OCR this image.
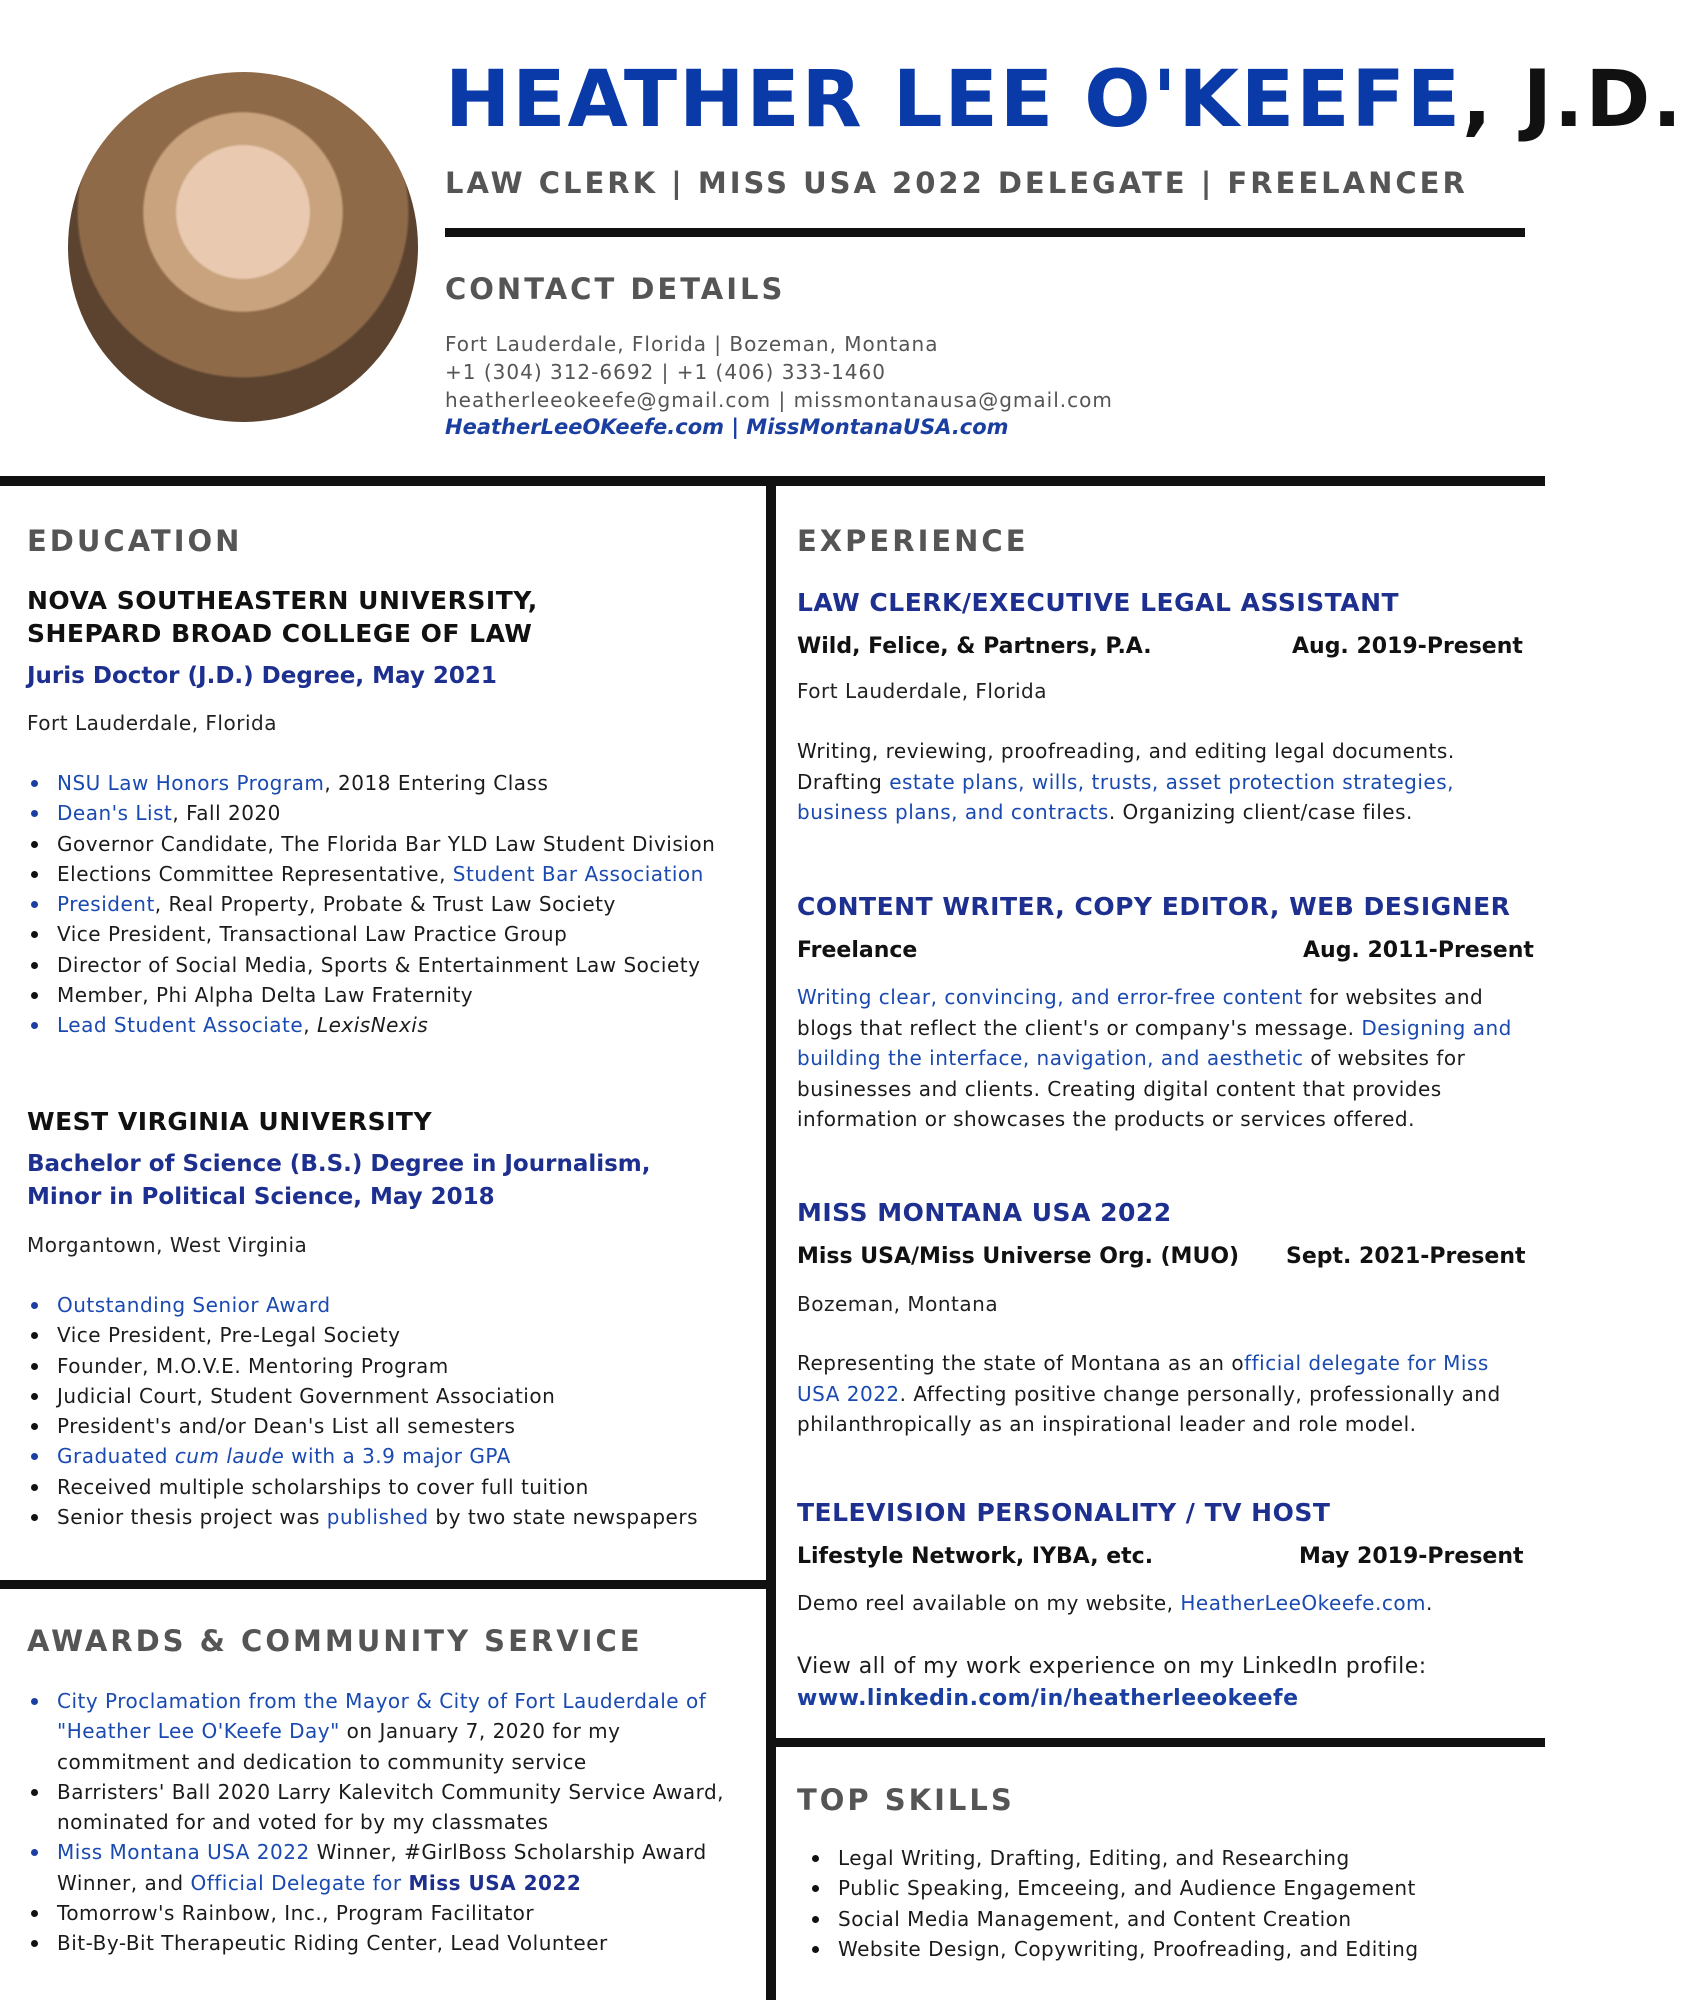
HEATHER LEE O'KEEFE, J.D.
LAW CLERK | MISS USA 2022 DELEGATE | FREELANCER
CONTACT DETAILS
Fort Lauderdale, Florida | Bozeman, Montana
+1 (304) 312-6692 | +1 (406) 333-1460
heatherleeokeefe@gmail.com | missmontanausa@gmail.com
HeatherLeeOKeefe.com | MissMontanaUSA.com
EDUCATION
NOVA SOUTHEASTERN UNIVERSITY,
SHEPARD BROAD COLLEGE OF LAW
Juris Doctor (J.D.) Degree, May 2021
Fort Lauderdale, Florida
NSU Law Honors Program, 2018 Entering Class
Dean's List, Fall 2020
Governor Candidate, The Florida Bar YLD Law Student Division
Elections Committee Representative, Student Bar Association
President, Real Property, Probate & Trust Law Society
Vice President, Transactional Law Practice Group
Director of Social Media, Sports & Entertainment Law Society
Member, Phi Alpha Delta Law Fraternity
Lead Student Associate, LexisNexis
WEST VIRGINIA UNIVERSITY
Bachelor of Science (B.S.) Degree in Journalism,
Minor in Political Science, May 2018
Morgantown, West Virginia
Outstanding Senior Award
Vice President, Pre-Legal Society
Founder, M.O.V.E. Mentoring Program
Judicial Court, Student Government Association
President's and/or Dean's List all semesters
Graduated cum laude with a 3.9 major GPA
Received multiple scholarships to cover full tuition
Senior thesis project was published by two state newspapers
AWARDS & COMMUNITY SERVICE
City Proclamation from the Mayor & City of Fort Lauderdale of "Heather Lee O'Keefe Day" on January 7, 2020 for my commitment and dedication to community service
Barristers' Ball 2020 Larry Kalevitch Community Service Award, nominated for and voted for by my classmates
Miss Montana USA 2022 Winner, #GirlBoss Scholarship Award Winner, and Official Delegate for Miss USA 2022
Tomorrow's Rainbow, Inc., Program Facilitator
Bit-By-Bit Therapeutic Riding Center, Lead Volunteer
EXPERIENCE
LAW CLERK/EXECUTIVE LEGAL ASSISTANT
Wild, Felice, & Partners, P.A.	Aug. 2019-Present
Fort Lauderdale, Florida
Writing, reviewing, proofreading, and editing legal documents. Drafting estate plans, wills, trusts, asset protection strategies, business plans, and contracts. Organizing client/case files.
CONTENT WRITER, COPY EDITOR, WEB DESIGNER
Freelance	Aug. 2011-Present
Writing clear, convincing, and error-free content for websites and blogs that reflect the client's or company's message. Designing and building the interface, navigation, and aesthetic of websites for businesses and clients. Creating digital content that provides information or showcases the products or services offered.
MISS MONTANA USA 2022
Miss USA/Miss Universe Org. (MUO) Sept. 2021-Present
Bozeman, Montana
Representing the state of Montana as an official delegate for Miss USA 2022. Affecting positive change personally, professionally and philanthropically as an inspirational leader and role model.
TELEVISION PERSONALITY / TV HOST
Lifestyle Network, IYBA, etc.	May 2019-Present
Demo reel available on my website, HeatherLeeOkeefe.com.
View all of my work experience on my LinkedIn profile:
www.linkedin.com/in/heatherleeokeefe
TOP SKILLS
Legal Writing, Drafting, Editing, and Researching
Public Speaking, Emceeing, and Audience Engagement
Social Media Management, and Content Creation
Website Design, Copywriting, Proofreading, and Editing
